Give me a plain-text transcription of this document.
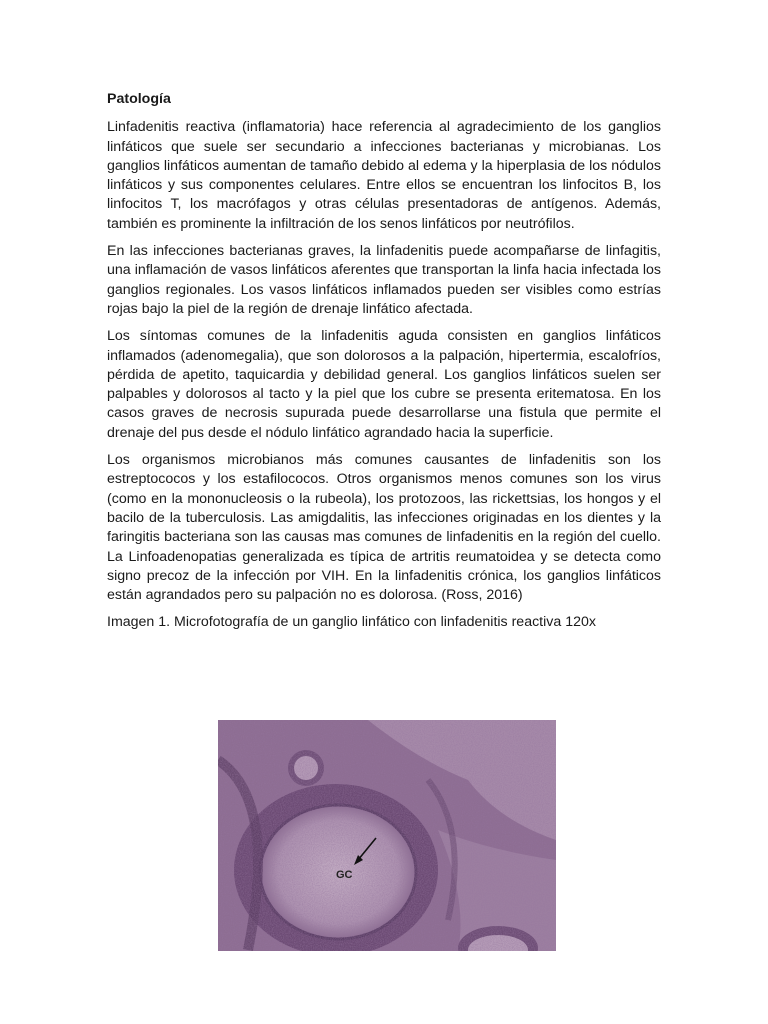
Patología

Linfadenitis reactiva (inflamatoria) hace referencia al agradecimiento de los ganglios linfáticos que suele ser secundario a infecciones bacterianas y microbianas. Los ganglios linfáticos aumentan de tamaño debido al edema y la hiperplasia de los nódulos linfáticos y sus componentes celulares. Entre ellos se encuentran los linfocitos B, los linfocitos T, los macrófagos y otras células presentadoras de antígenos. Además, también es prominente la infiltración de los senos linfáticos por neutrófilos.

En las infecciones bacterianas graves, la linfadenitis puede acompañarse de linfagitis, una inflamación de vasos linfáticos aferentes que transportan la linfa hacia infectada los ganglios regionales. Los vasos linfáticos inflamados pueden ser visibles como estrías rojas bajo la piel de la región de drenaje linfático afectada.

Los síntomas comunes de la linfadenitis aguda consisten en ganglios linfáticos inflamados (adenomegalia), que son dolorosos a la palpación, hipertermia, escalofríos, pérdida de apetito, taquicardia y debilidad general. Los ganglios linfáticos suelen ser palpables y dolorosos al tacto y la piel que los cubre se presenta eritematosa. En los casos graves de necrosis supurada puede desarrollarse una fistula que permite el drenaje del pus desde el nódulo linfático agrandado hacia la superficie.

Los organismos microbianos más comunes causantes de linfadenitis son los estreptococos y los estafilococos. Otros organismos menos comunes son los virus (como en la mononucleosis o la rubeola), los protozoos, las rickettsias, los hongos y el bacilo de la tuberculosis. Las amigdalitis, las infecciones originadas en los dientes y la faringitis bacteriana son las causas mas comunes de linfadenitis en la región del cuello. La Linfoadenopatias generalizada es típica de artritis reumatoidea y se detecta como signo precoz de la infección por VIH. En la linfadenitis crónica, los ganglios linfáticos están agrandados pero su palpación no es dolorosa. (Ross, 2016)

Imagen 1. Microfotografía de un ganglio linfático con linfadenitis reactiva 120x

GC
